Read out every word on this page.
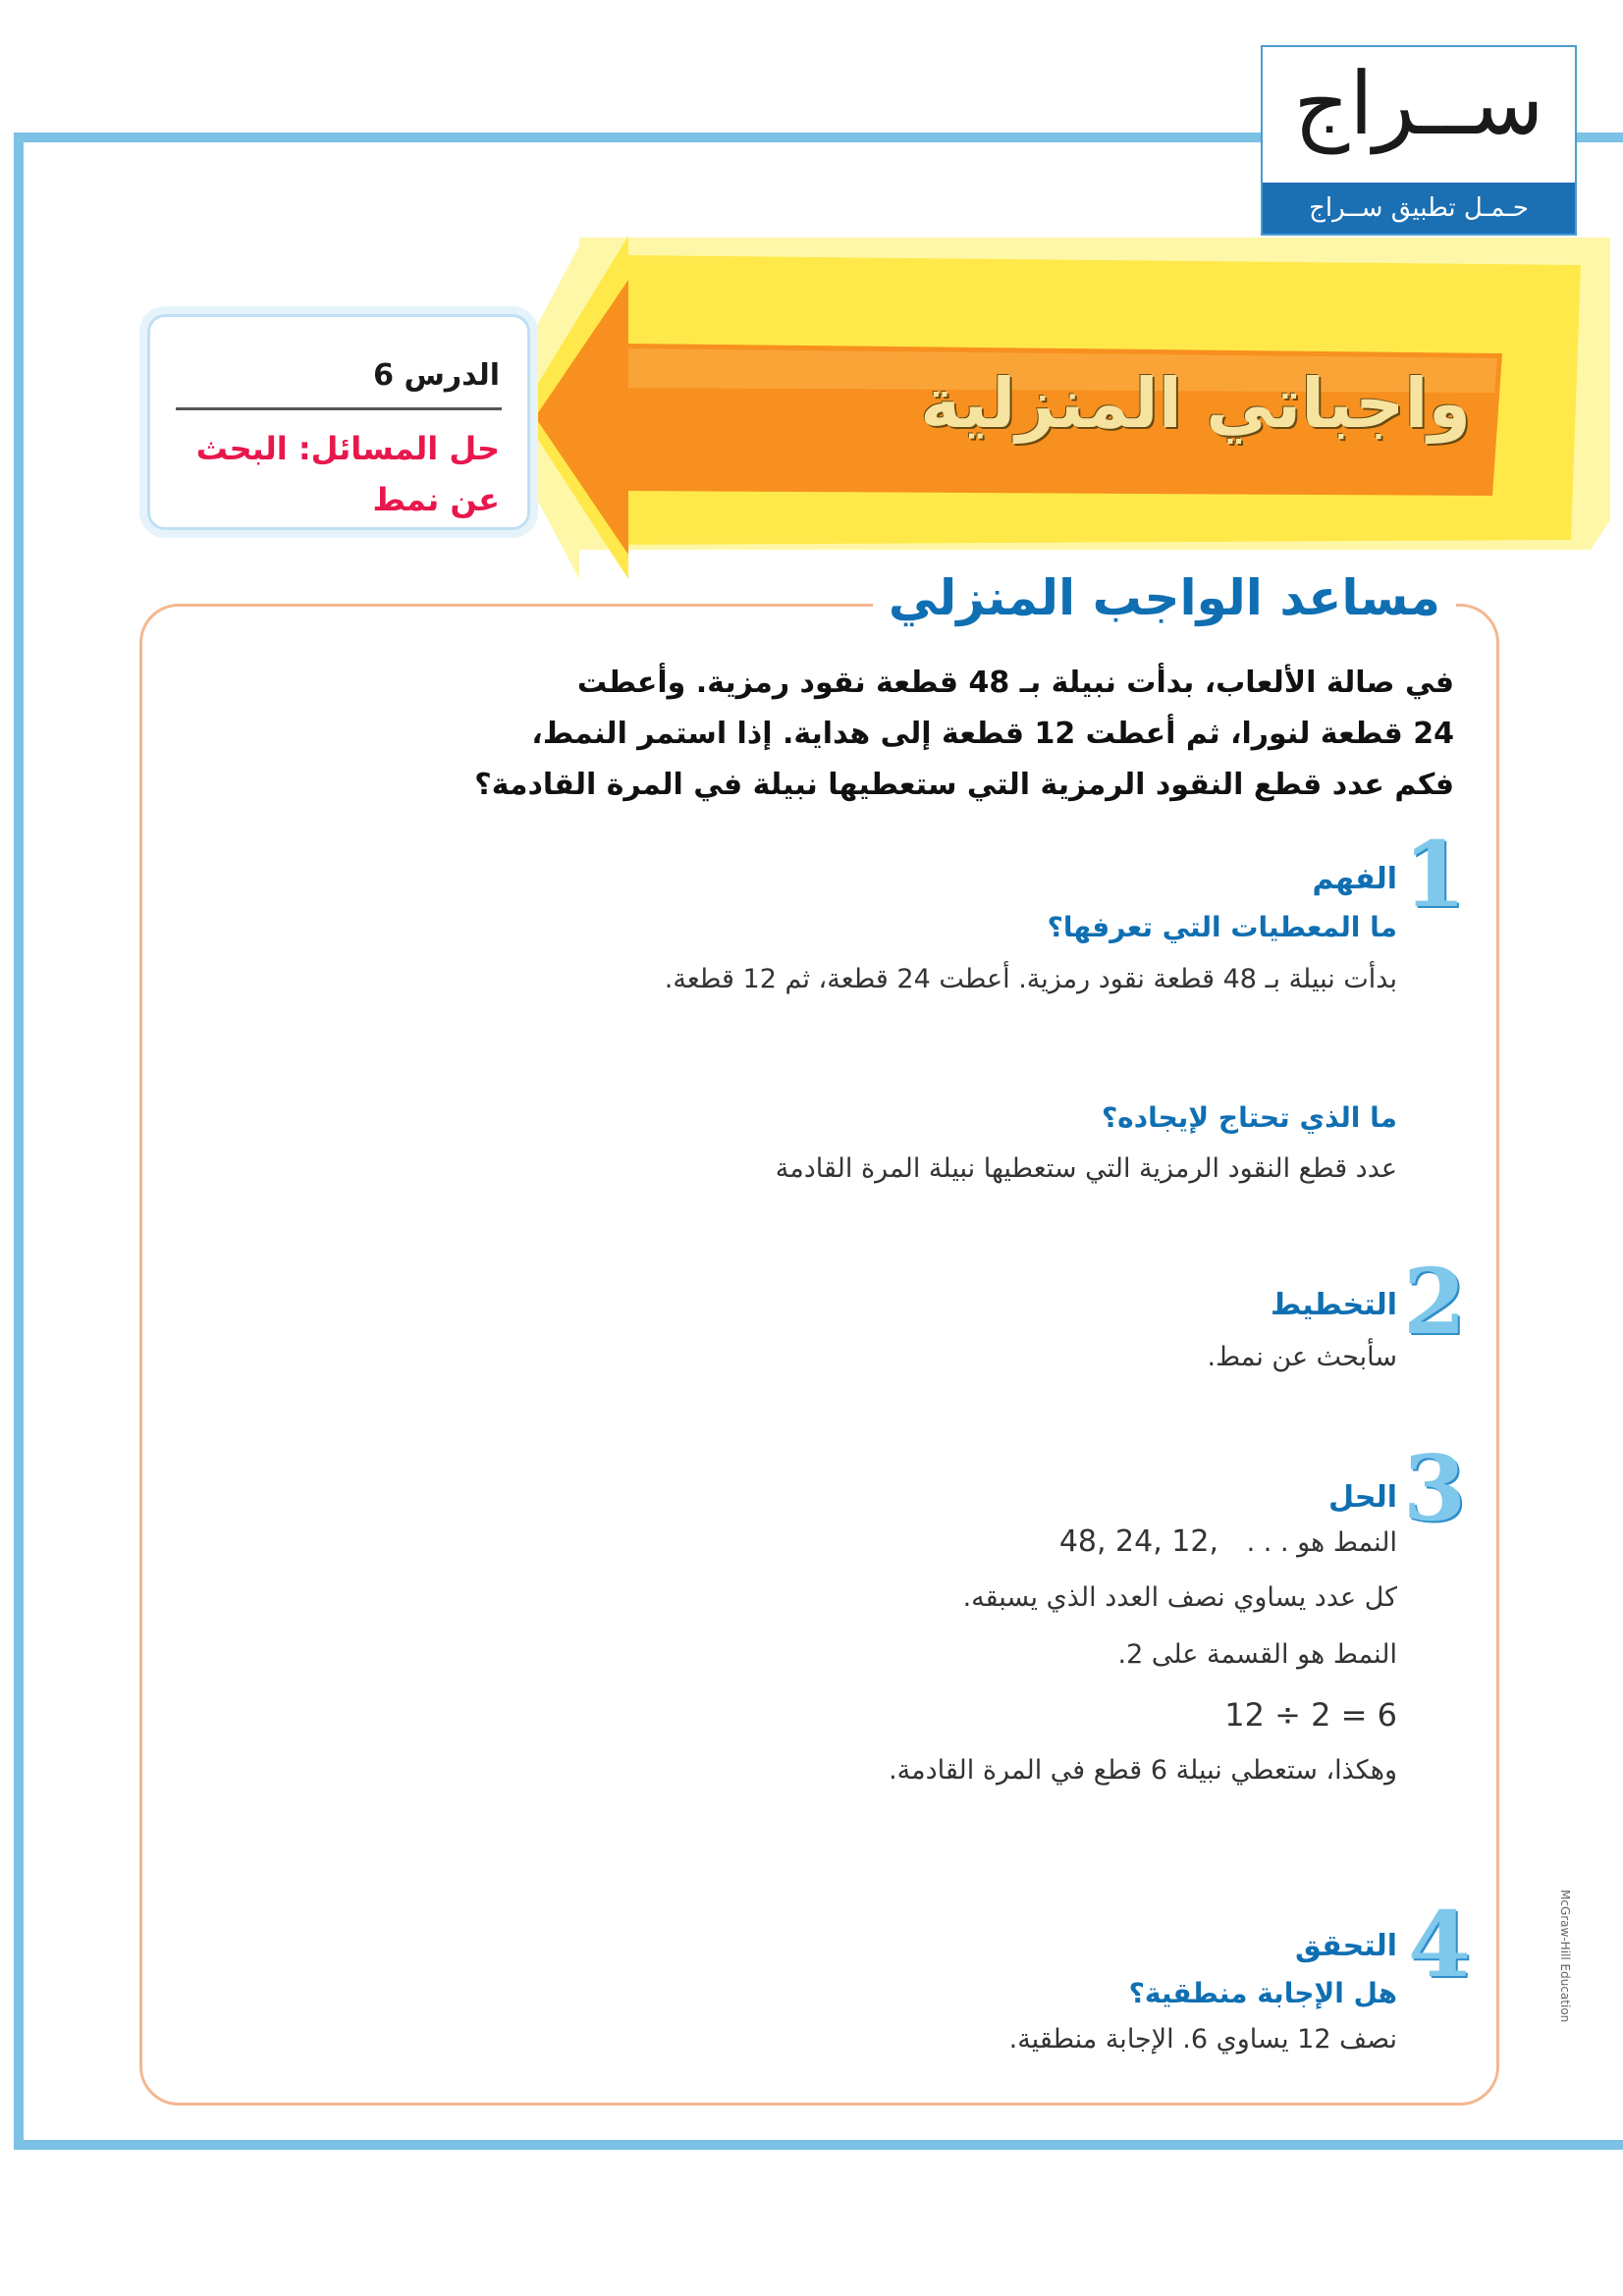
ســراج
حـمـل تطبيق ســراج
واجباتي المنزلية
الدرس 6
حل المسائل: البحث عن نمط
مساعد الواجب المنزلي
في صالة الألعاب، بدأت نبيلة بـ 48 قطعة نقود رمزية. وأعطت
24 قطعة لنورا، ثم أعطت 12 قطعة إلى هداية. إذا استمر النمط،
فكم عدد قطع النقود الرمزية التي ستعطيها نبيلة في المرة القادمة؟
1
الفهم
ما المعطيات التي تعرفها؟
بدأت نبيلة بـ 48 قطعة نقود رمزية. أعطت 24 قطعة، ثم 12 قطعة.
ما الذي تحتاج لإيجاده؟
عدد قطع النقود الرمزية التي ستعطيها نبيلة المرة القادمة
2
التخطيط
سأبحث عن نمط.
3
الحل
النمط هو . . . 48, 24, 12,
كل عدد يساوي نصف العدد الذي يسبقه.
النمط هو القسمة على 2.
12 ÷ 2 = 6
وهكذا، ستعطي نبيلة 6 قطع في المرة القادمة.
4
التحقق
هل الإجابة منطقية؟
نصف 12 يساوي 6. الإجابة منطقية.
McGraw-Hill Education
